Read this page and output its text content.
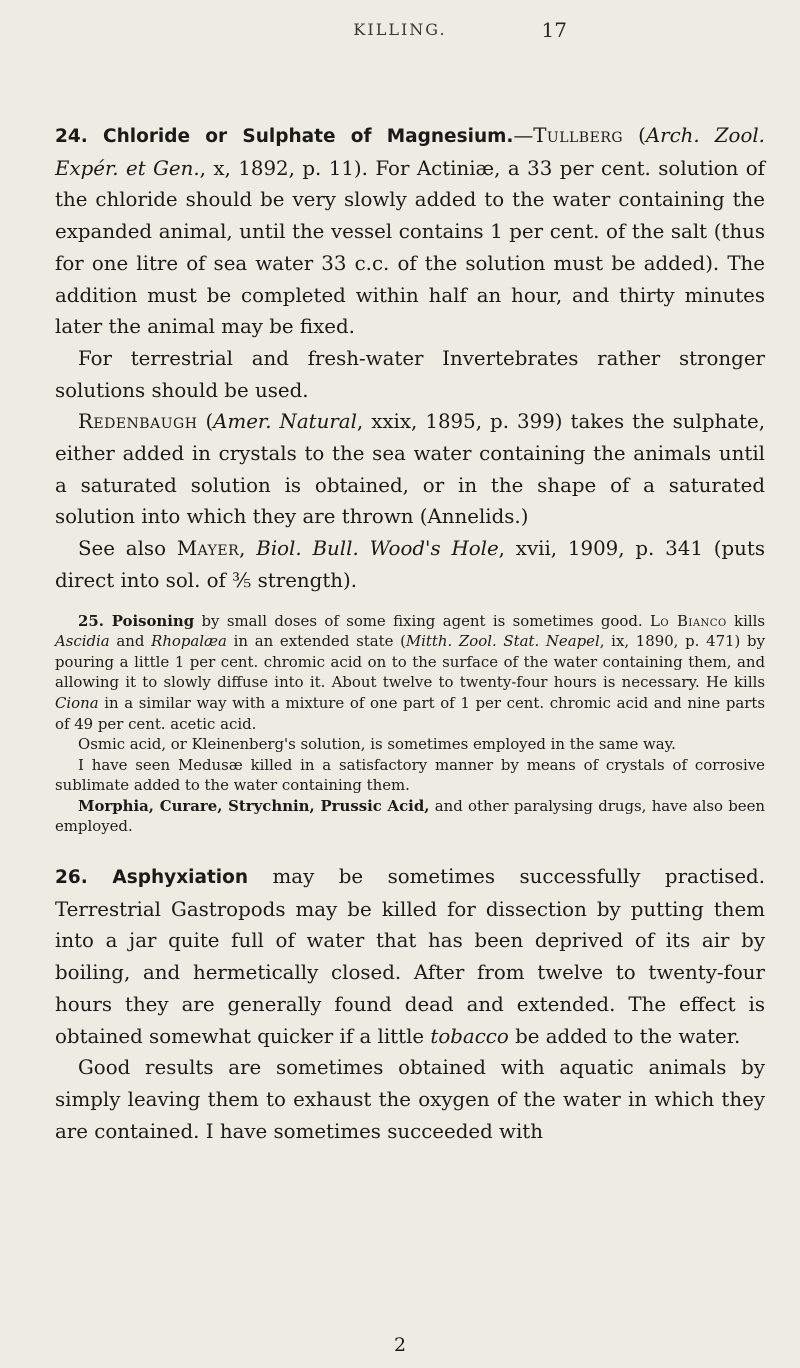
KILLING.	17

24. Chloride or Sulphate of Magnesium.—Tullberg (Arch. Zool. Expér. et Gen., x, 1892, p. 11). For Actiniæ, a 33 per cent. solution of the chloride should be very slowly added to the water containing the expanded animal, until the vessel contains 1 per cent. of the salt (thus for one litre of sea water 33 c.c. of the solution must be added). The addition must be completed within half an hour, and thirty minutes later the animal may be fixed.

For terrestrial and fresh-water Invertebrates rather stronger solutions should be used.

Redenbaugh (Amer. Natural, xxix, 1895, p. 399) takes the sulphate, either added in crystals to the sea water containing the animals until a saturated solution is obtained, or in the shape of a saturated solution into which they are thrown (Annelids.)

See also Mayer, Biol. Bull. Wood's Hole, xvii, 1909, p. 341 (puts direct into sol. of ⅗ strength).

25. Poisoning by small doses of some fixing agent is sometimes good. Lo Bianco kills Ascidia and Rhopalæa in an extended state (Mitth. Zool. Stat. Neapel, ix, 1890, p. 471) by pouring a little 1 per cent. chromic acid on to the surface of the water containing them, and allowing it to slowly diffuse into it. About twelve to twenty-four hours is necessary. He kills Ciona in a similar way with a mixture of one part of 1 per cent. chromic acid and nine parts of 49 per cent. acetic acid.

Osmic acid, or Kleinenberg's solution, is sometimes employed in the same way.

I have seen Medusæ killed in a satisfactory manner by means of crystals of corrosive sublimate added to the water containing them.

Morphia, Curare, Strychnin, Prussic Acid, and other paralysing drugs, have also been employed.

26. Asphyxiation may be sometimes successfully practised. Terrestrial Gastropods may be killed for dissection by putting them into a jar quite full of water that has been deprived of its air by boiling, and hermetically closed. After from twelve to twenty-four hours they are generally found dead and extended. The effect is obtained somewhat quicker if a little tobacco be added to the water.

Good results are sometimes obtained with aquatic animals by simply leaving them to exhaust the oxygen of the water in which they are contained. I have sometimes succeeded with

2
